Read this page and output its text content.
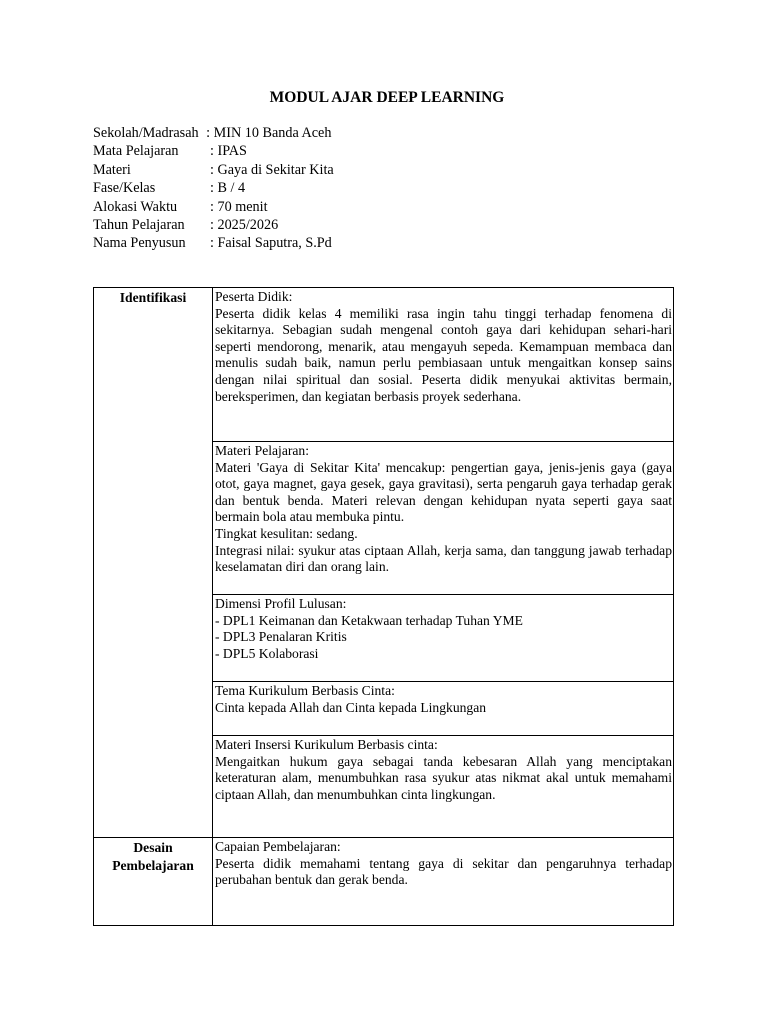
MODUL AJAR DEEP LEARNING
Sekolah/Madrasah : MIN 10 Banda Aceh
Mata Pelajaran : IPAS
Materi	: Gaya di Sekitar Kita
Fase/Kelas	: B / 4
Alokasi Waktu : 70 menit
Tahun Pelajaran : 2025/2026
Nama Penyusun : Faisal Saputra, S.Pd
Identifikasi	Peserta Didik:
Peserta didik kelas 4 memiliki rasa ingin tahu tinggi terhadap fenomena di sekitarnya. Sebagian sudah mengenal contoh gaya dari kehidupan sehari-hari seperti mendorong, menarik, atau mengayuh sepeda. Kemampuan membaca dan menulis sudah baik, namun perlu pembiasaan untuk mengaitkan konsep sains dengan nilai spiritual dan sosial. Peserta didik menyukai aktivitas bermain, bereksperimen, dan kegiatan berbasis proyek sederhana.

	Materi Pelajaran:
Materi 'Gaya di Sekitar Kita' mencakup: pengertian gaya, jenis-jenis gaya (gaya otot, gaya magnet, gaya gesek, gaya gravitasi), serta pengaruh gaya terhadap gerak dan bentuk benda. Materi relevan dengan kehidupan nyata seperti gaya saat bermain bola atau membuka pintu.
Tingkat kesulitan: sedang.
Integrasi nilai: syukur atas ciptaan Allah, kerja sama, dan tanggung jawab terhadap keselamatan diri dan orang lain.

	Dimensi Profil Lulusan:
- DPL1 Keimanan dan Ketakwaan terhadap Tuhan YME
- DPL3 Penalaran Kritis
- DPL5 Kolaborasi

	Tema Kurikulum Berbasis Cinta:
Cinta kepada Allah dan Cinta kepada Lingkungan

	Materi Insersi Kurikulum Berbasis cinta:
Mengaitkan hukum gaya sebagai tanda kebesaran Allah yang menciptakan keteraturan alam, menumbuhkan rasa syukur atas nikmat akal untuk memahami ciptaan Allah, dan menumbuhkan cinta lingkungan.

Desain
Pembelajaran	Capaian Pembelajaran:
Peserta didik memahami tentang gaya di sekitar dan pengaruhnya terhadap perubahan bentuk dan gerak benda.
